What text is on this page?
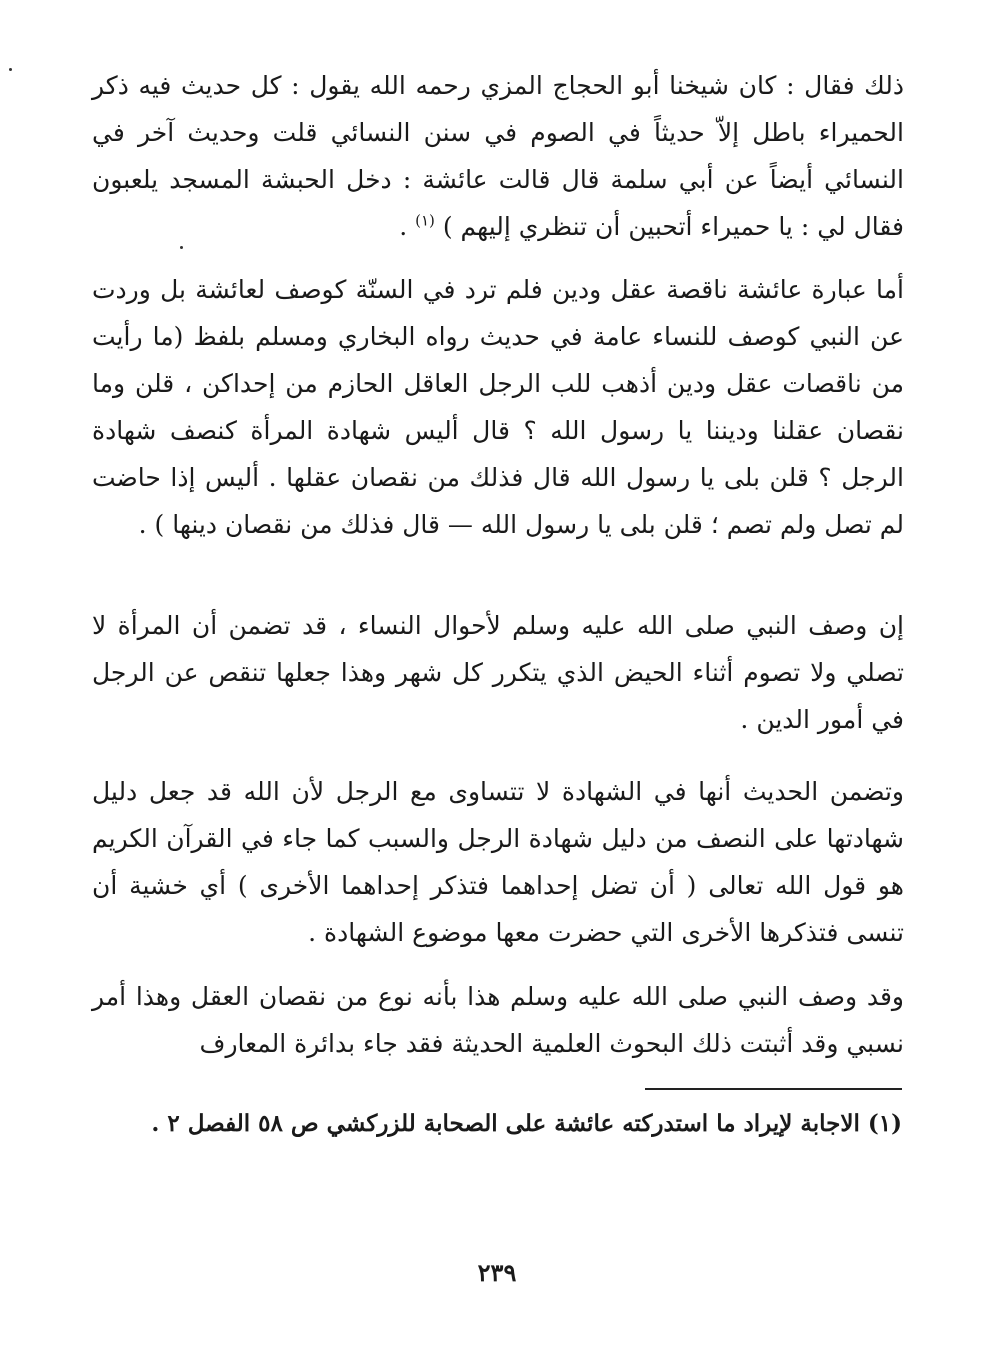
ذلك فقال : كان شيخنا أبو الحجاج المزي رحمه الله يقول : كل حديث فيه ذكر الحميراء باطل إلاّ حديثاً في الصوم في سنن النسائي قلت وحديث آخر في النسائي أيضاً عن أبي سلمة قال قالت عائشة : دخل الحبشة المسجد يلعبون فقال لي : يا حميراء أتحبين أن تنظري إليهم ) $^{(١)}$ .

أما عبارة عائشة ناقصة عقل ودين فلم ترد في السنّة كوصف لعائشة بل وردت عن النبي كوصف للنساء عامة في حديث رواه البخاري ومسلم بلفظ (ما رأيت من ناقصات عقل ودين أذهب للب الرجل العاقل الحازم من إحداكن ، قلن وما نقصان عقلنا وديننا يا رسول الله ؟ قال أليس شهادة المرأة كنصف شهادة الرجل ؟ قلن بلى يا رسول الله قال فذلك من نقصان عقلها . أليس إذا حاضت لم تصل ولم تصم ؛ قلن بلى يا رسول الله — قال فذلك من نقصان دينها ) .

إن وصف النبي صلى الله عليه وسلم لأحوال النساء ، قد تضمن أن المرأة لا تصلي ولا تصوم أثناء الحيض الذي يتكرر كل شهر وهذا جعلها تنقص عن الرجل في أمور الدين .

وتضمن الحديث أنها في الشهادة لا تتساوى مع الرجل لأن الله قد جعل دليل شهادتها على النصف من دليل شهادة الرجل والسبب كما جاء في القرآن الكريم هو قول الله تعالى ( أن تضل إحداهما فتذكر إحداهما الأخرى ) أي خشية أن تنسى فتذكرها الأخرى التي حضرت معها موضوع الشهادة .

وقد وصف النبي صلى الله عليه وسلم هذا بأنه نوع من نقصان العقل وهذا أمر نسبي وقد أثبتت ذلك البحوث العلمية الحديثة فقد جاء بدائرة المعارف

(١) الاجابة لإيراد ما استدركته عائشة على الصحابة للزركشي ص ٥٨ الفصل ٢ .

٢٣٩
